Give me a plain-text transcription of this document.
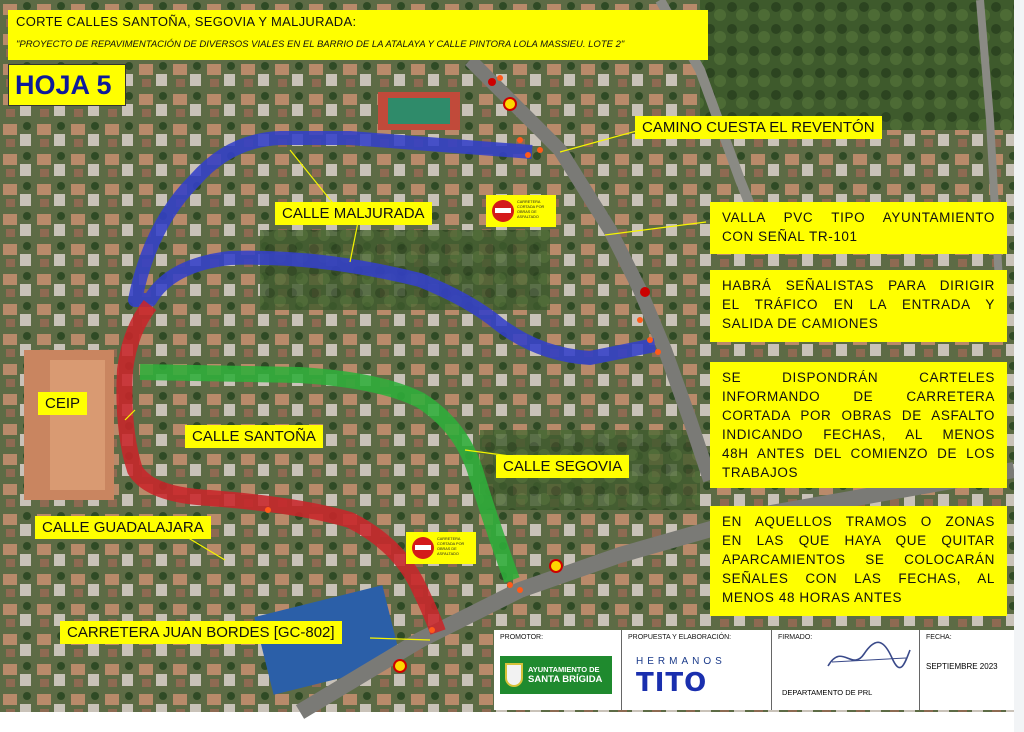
CARRETERA
CORTADA POR
OBRAS DE
ASFALTADO
CARRETERA
CORTADA POR
OBRAS DE
ASFALTADO
CORTE CALLES SANTOÑA, SEGOVIA Y MALJURADA:
"PROYECTO DE REPAVIMENTACIÓN DE DIVERSOS VIALES EN EL BARRIO DE LA ATALAYA Y CALLE PINTORA LOLA MASSIEU. LOTE 2"
HOJA 5
CAMINO CUESTA EL REVENTÓN
CALLE MALJURADA
CEIP
CALLE SANTOÑA
CALLE SEGOVIA
CALLE GUADALAJARA
CARRETERA JUAN BORDES [GC-802]
VALLA PVC TIPO AYUNTAMIENTO
CON SEÑAL TR-101
HABRÁ SEÑALISTAS PARA DIRIGIR
EL TRÁFICO EN LA ENTRADA Y
SALIDA DE CAMIONES
SE DISPONDRÁN CARTELES
INFORMANDO DE CARRETERA
CORTADA POR OBRAS DE ASFALTO
INDICANDO FECHAS, AL MENOS
48H ANTES DEL COMIENZO DE LOS
TRABAJOS
EN AQUELLOS TRAMOS O ZONAS
EN LAS QUE HAYA QUE QUITAR
APARCAMIENTOS SE COLOCARÁN
SEÑALES CON LAS FECHAS, AL
MENOS 48 HORAS ANTES
PROMOTOR:
AYUNTAMIENTO DE
SANTA BRÍGIDA
PROPUESTA Y ELABORACIÓN:
HERMANOS
TITO
FIRMADO:
DEPARTAMENTO DE PRL
FECHA:
SEPTIEMBRE 2023
